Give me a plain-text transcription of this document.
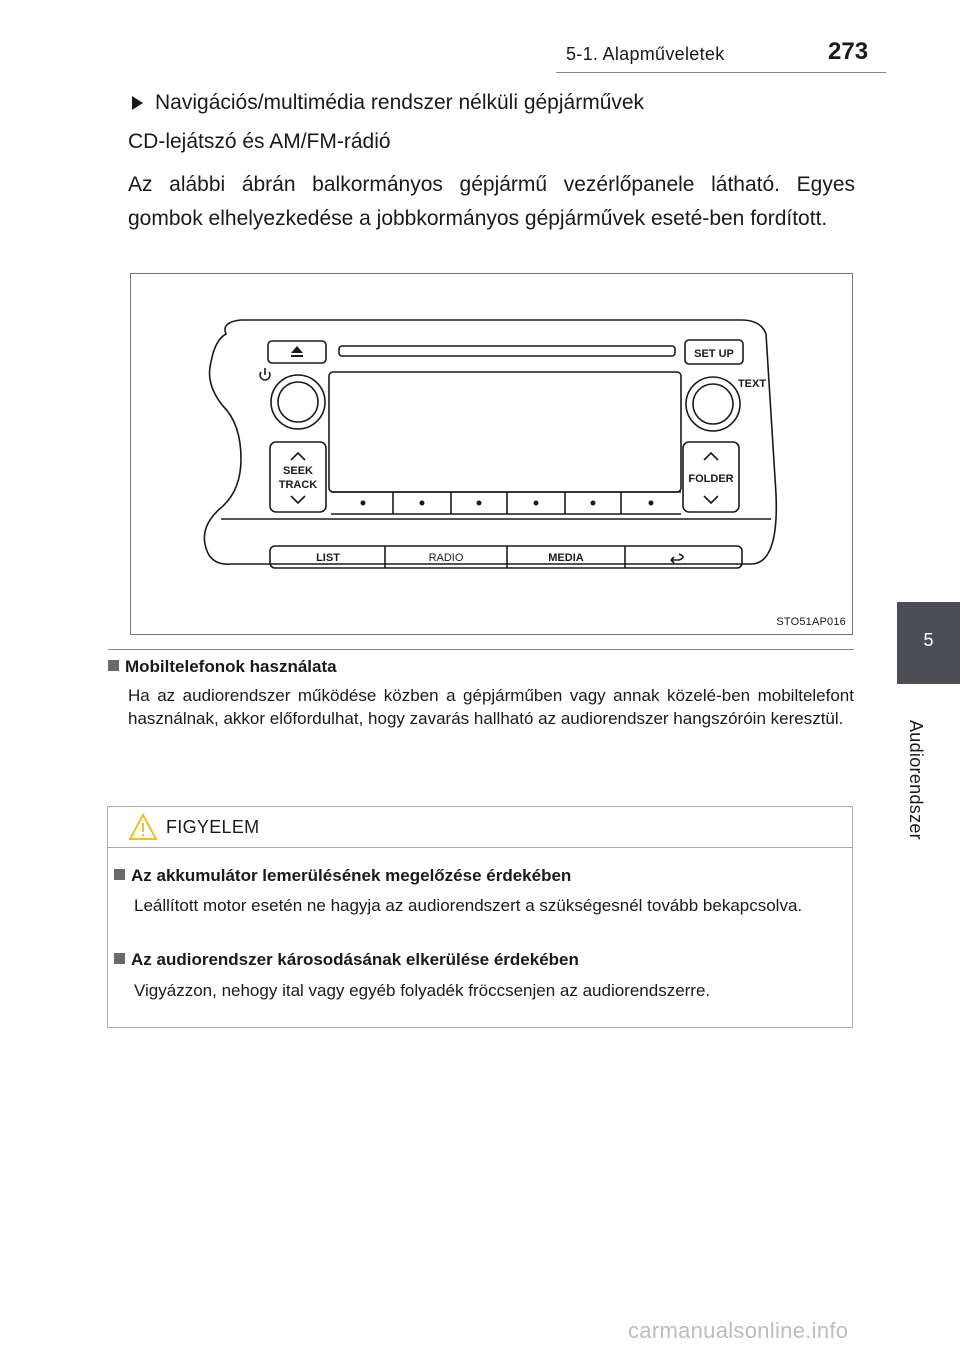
5-1. Alapműveletek	273
5
Audiorendszer
Navigációs/multimédia rendszer nélküli gépjárművek
CD-lejátszó és AM/FM-rádió
Az alábbi ábrán balkormányos gépjármű vezérlőpanele látható. Egyes gombok elhelyezkedése a jobbkormányos gépjárművek eseté-ben fordított.
SET UP
TEXT
SEEK
TRACK	FOLDER
LIST	RADIO	MEDIA
STO51AP016
Mobiltelefonok használata
Ha az audiorendszer működése közben a gépjárműben vagy annak közelé-ben mobiltelefont használnak, akkor előfordulhat, hogy zavarás hallható az audiorendszer hangszóróin keresztül.
FIGYELEM
Az akkumulátor lemerülésének megelőzése érdekében
Leállított motor esetén ne hagyja az audiorendszert a szükségesnél tovább bekapcsolva.
Az audiorendszer károsodásának elkerülése érdekében
Vigyázzon, nehogy ital vagy egyéb folyadék fröccsenjen az audiorendszerre.
carmanualsonline.info
